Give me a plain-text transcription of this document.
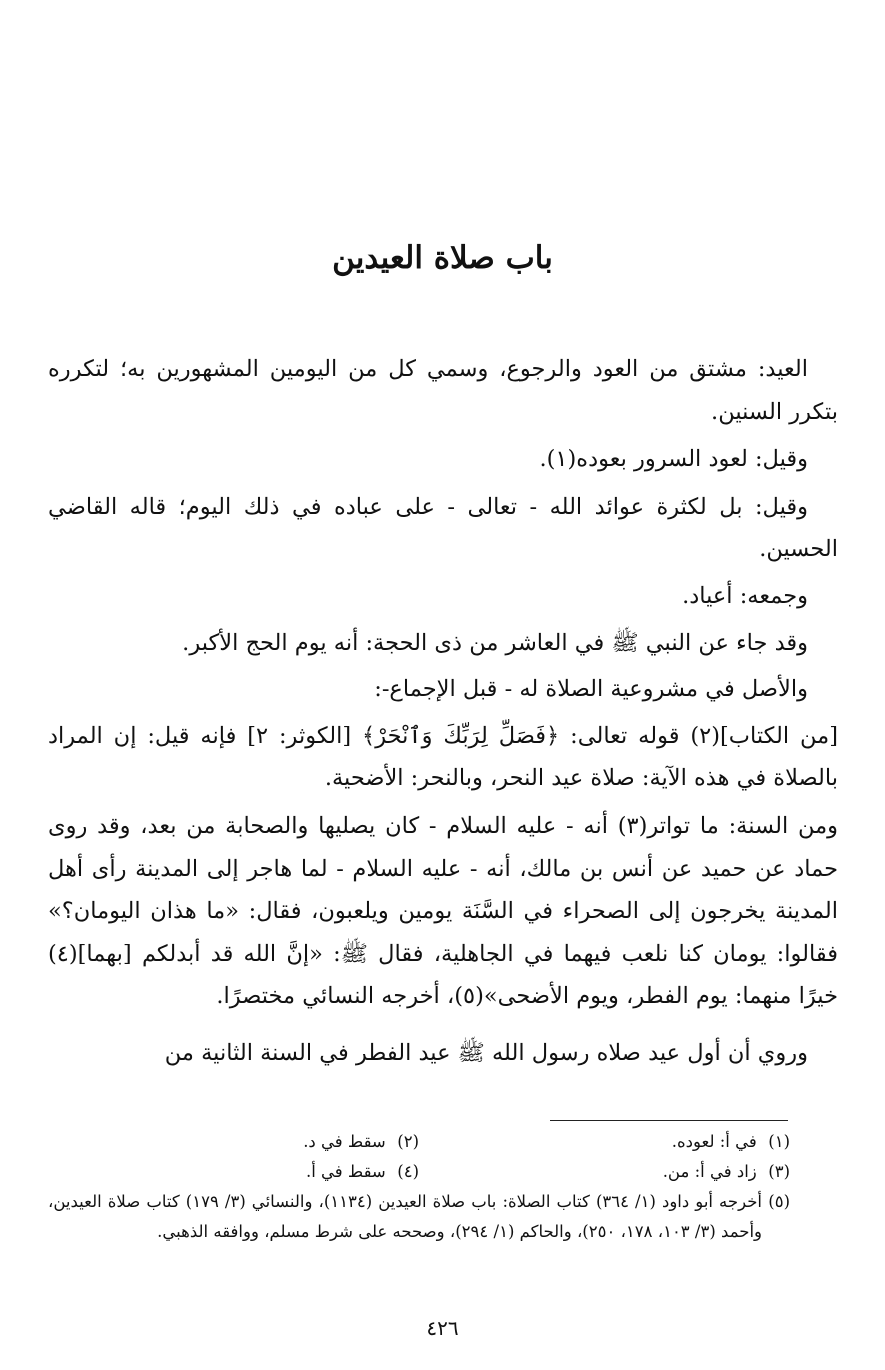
باب صلاة العيدين

العيد: مشتق من العود والرجوع، وسمي كل من اليومين المشهورين به؛ لتكرره بتكرر السنين.

وقيل: لعود السرور بعوده(١).

وقيل: بل لكثرة عوائد الله - تعالى - على عباده في ذلك اليوم؛ قاله القاضي الحسين.

وجمعه: أعياد.

وقد جاء عن النبي ﷺ في العاشر من ذى الحجة: أنه يوم الحج الأكبر.

والأصل في مشروعية الصلاة له - قبل الإجماع-:

[من الكتاب](٢) قوله تعالى: ﴿فَصَلِّ لِرَبِّكَ وَٱنْحَرْ﴾ [الكوثر: ٢] فإنه قيل: إن المراد بالصلاة في هذه الآية: صلاة عيد النحر، وبالنحر: الأضحية.

ومن السنة: ما تواتر(٣) أنه - عليه السلام - كان يصليها والصحابة من بعد، وقد روى حماد عن حميد عن أنس بن مالك، أنه - عليه السلام - لما هاجر إلى المدينة رأى أهل المدينة يخرجون إلى الصحراء في السَّنَة يومين ويلعبون، فقال: «ما هذان اليومان؟» فقالوا: يومان كنا نلعب فيهما في الجاهلية، فقال ﷺ: «إنَّ الله قد أبدلكم [بهما](٤) خيرًا منهما: يوم الفطر، ويوم الأضحى»(٥)، أخرجه النسائي مختصرًا.

وروي أن أول عيد صلاه رسول الله ﷺ عيد الفطر في السنة الثانية من

(١) في أ: لعوده.
(٢) سقط في د.
(٣) زاد في أ: من.
(٤) سقط في أ.
(٥)
أخرجه أبو داود (١/ ٣٦٤) كتاب الصلاة: باب صلاة العيدين (١١٣٤)، والنسائي (٣/ ١٧٩) كتاب صلاة العيدين، وأحمد (٣/ ١٠٣، ١٧٨، ٢٥٠)، والحاكم (١/ ٢٩٤)، وصححه على شرط مسلم، ووافقه الذهبي.
٤٢٦
